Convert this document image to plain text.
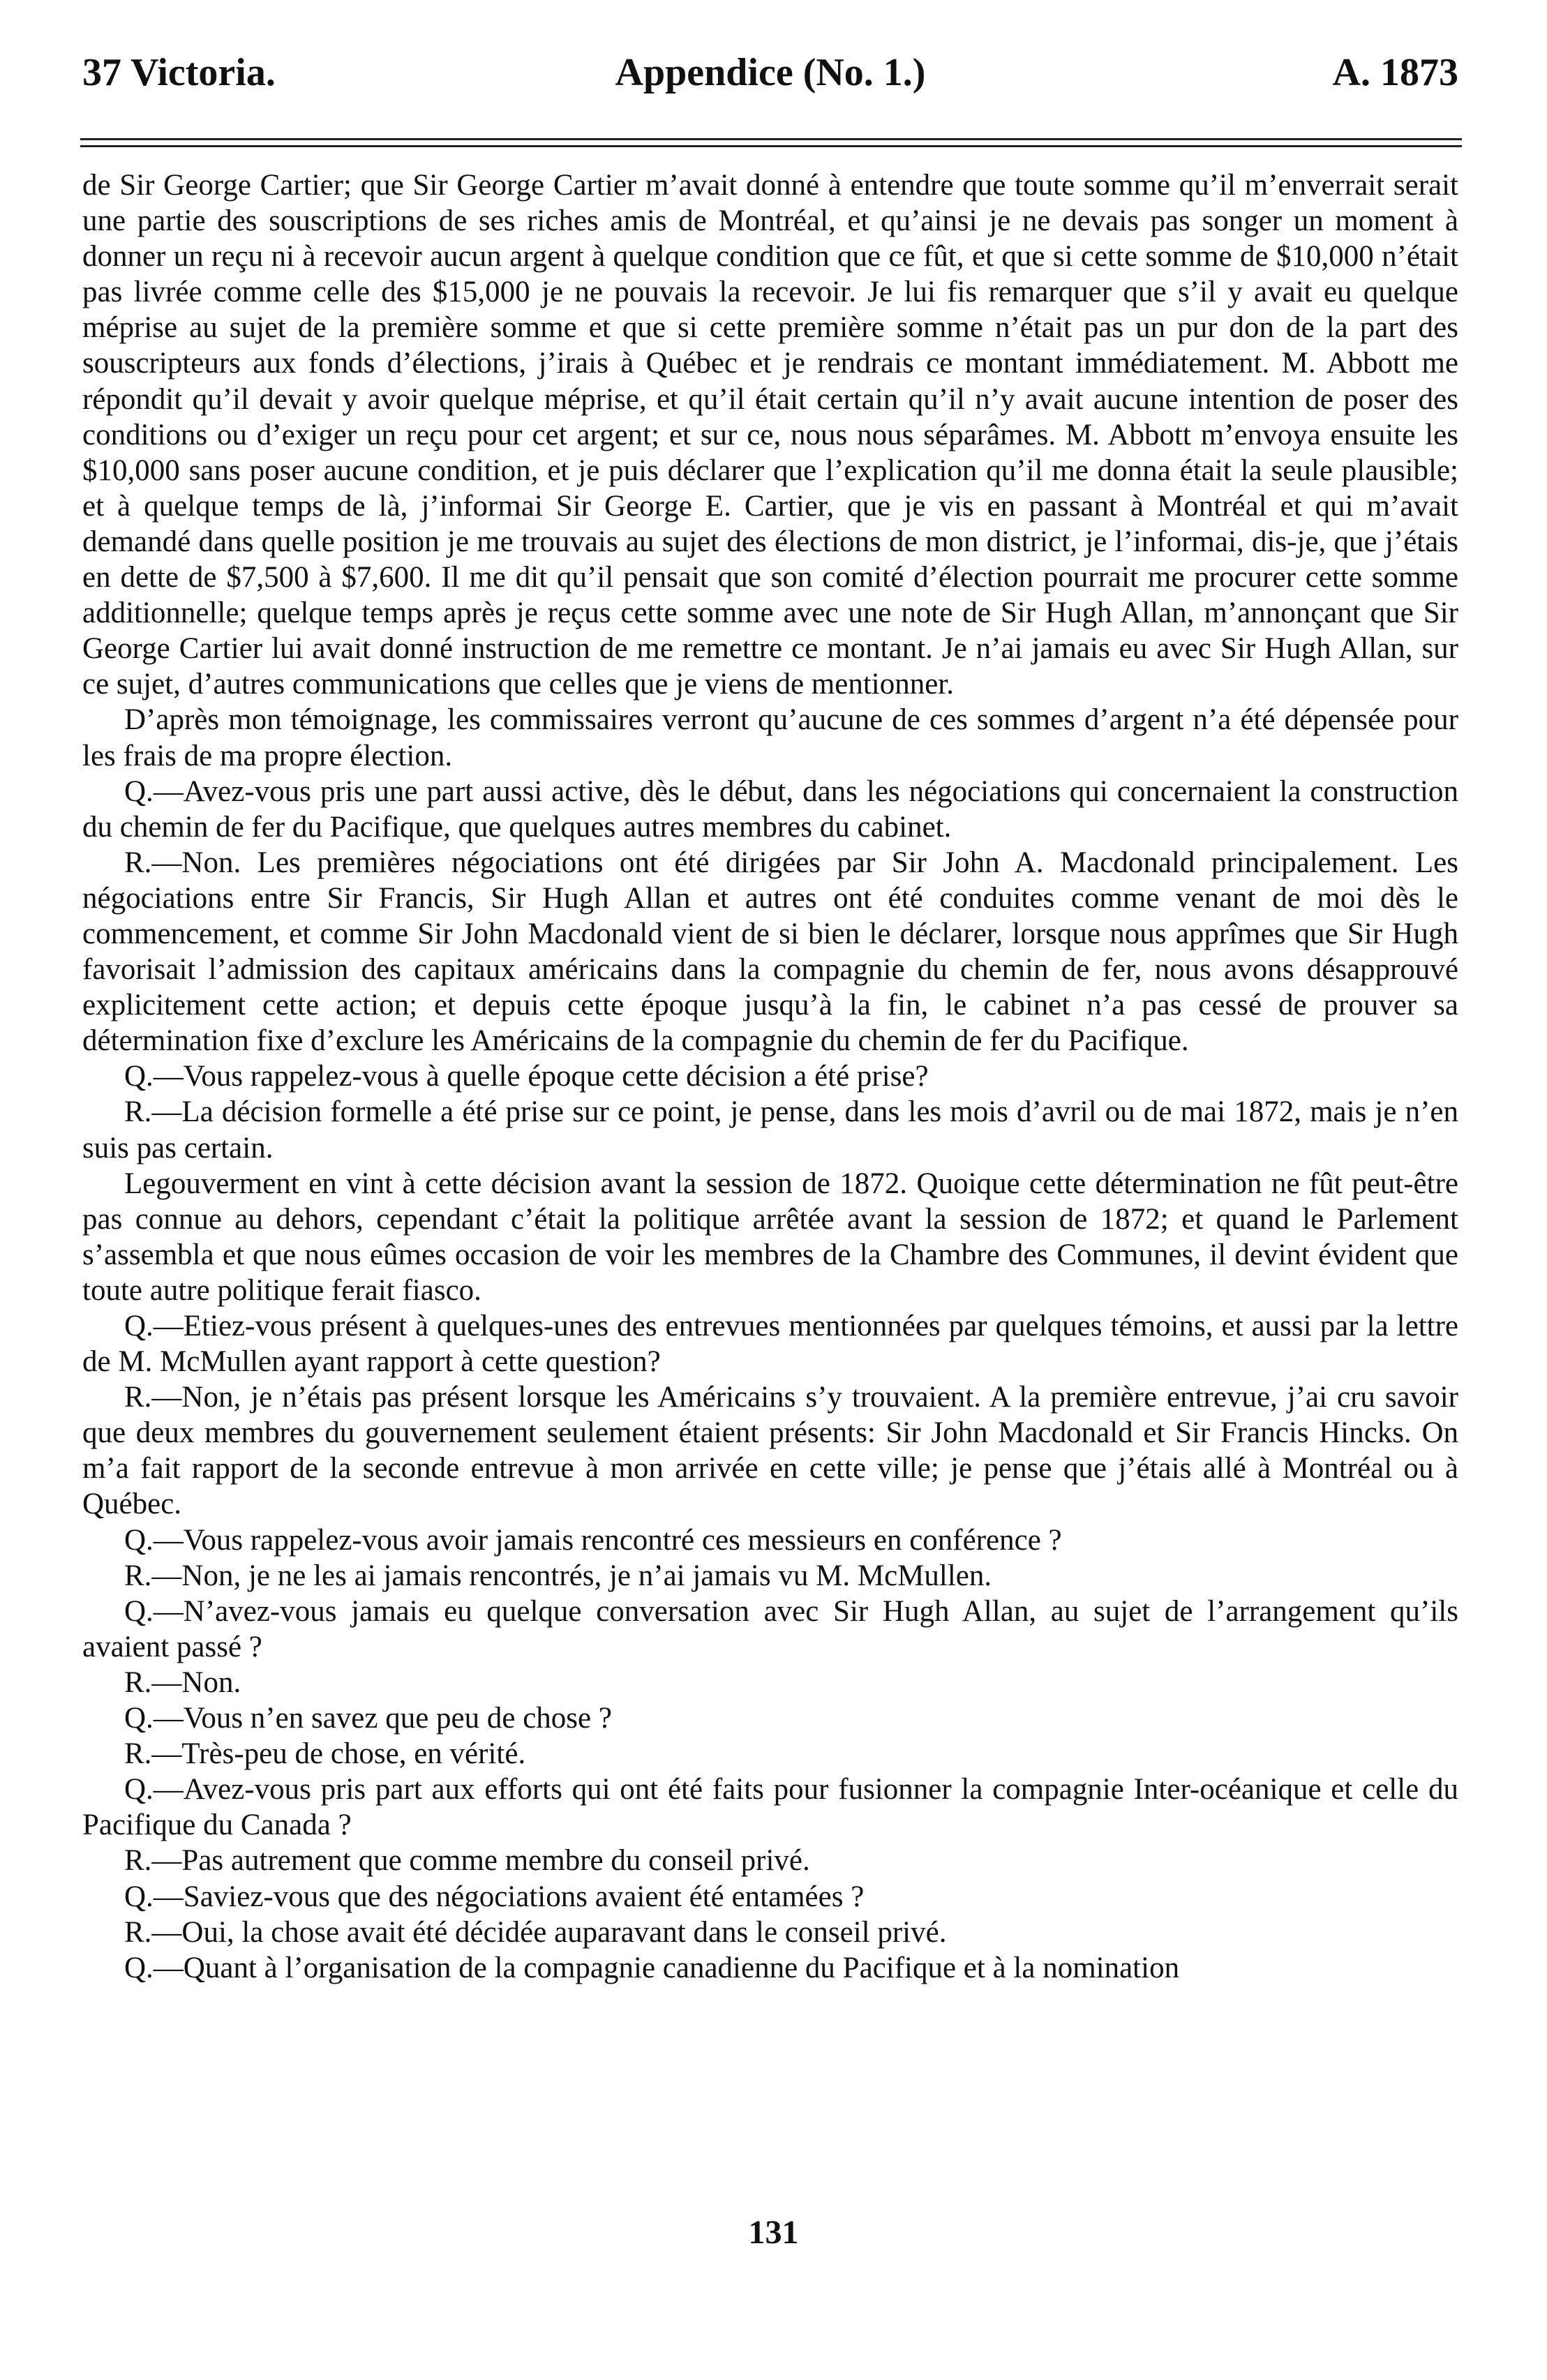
37 Victoria.	Appendice (No. 1.)	A. 1873

de Sir George Cartier; que Sir George Cartier m’avait donné à entendre que toute somme qu’il m’enverrait serait une partie des souscriptions de ses riches amis de Montréal, et qu’ainsi je ne devais pas songer un moment à donner un reçu ni à recevoir aucun argent à quelque condition que ce fût, et que si cette somme de $10,000 n’était pas livrée comme celle des $15,000 je ne pouvais la recevoir. Je lui fis remarquer que s’il y avait eu quelque méprise au sujet de la première somme et que si cette première somme n’était pas un pur don de la part des souscripteurs aux fonds d’élections, j’irais à Québec et je rendrais ce montant immédiatement. M. Abbott me répondit qu’il devait y avoir quelque méprise, et qu’il était certain qu’il n’y avait aucune intention de poser des conditions ou d’exiger un reçu pour cet argent; et sur ce, nous nous séparâmes. M. Abbott m’envoya ensuite les $10,000 sans poser aucune condition, et je puis déclarer que l’explication qu’il me donna était la seule plausible; et à quelque temps de là, j’informai Sir George E. Cartier, que je vis en passant à Montréal et qui m’avait demandé dans quelle position je me trouvais au sujet des élections de mon district, je l’informai, dis-je, que j’étais en dette de $7,500 à $7,600. Il me dit qu’il pensait que son comité d’élection pourrait me procurer cette somme additionnelle; quelque temps après je reçus cette somme avec une note de Sir Hugh Allan, m’annonçant que Sir George Cartier lui avait donné instruction de me remettre ce montant. Je n’ai jamais eu avec Sir Hugh Allan, sur ce sujet, d’autres communications que celles que je viens de mentionner.

D’après mon témoignage, les commissaires verront qu’aucune de ces sommes d’argent n’a été dépensée pour les frais de ma propre élection.

Q.—Avez-vous pris une part aussi active, dès le début, dans les négociations qui concernaient la construction du chemin de fer du Pacifique, que quelques autres membres du cabinet.

R.—Non. Les premières négociations ont été dirigées par Sir John A. Macdonald principalement. Les négociations entre Sir Francis, Sir Hugh Allan et autres ont été conduites comme venant de moi dès le commencement, et comme Sir John Macdonald vient de si bien le déclarer, lorsque nous apprîmes que Sir Hugh favorisait l’admission des capitaux américains dans la compagnie du chemin de fer, nous avons désapprouvé explicitement cette action; et depuis cette époque jusqu’à la fin, le cabinet n’a pas cessé de prouver sa détermination fixe d’exclure les Américains de la compagnie du chemin de fer du Pacifique.

Q.—Vous rappelez-vous à quelle époque cette décision a été prise?

R.—La décision formelle a été prise sur ce point, je pense, dans les mois d’avril ou de mai 1872, mais je n’en suis pas certain.

Legouverment en vint à cette décision avant la session de 1872. Quoique cette détermination ne fût peut-être pas connue au dehors, cependant c’était la politique arrêtée avant la session de 1872; et quand le Parlement s’assembla et que nous eûmes occasion de voir les membres de la Chambre des Communes, il devint évident que toute autre politique ferait fiasco.

Q.—Etiez-vous présent à quelques-unes des entrevues mentionnées par quelques témoins, et aussi par la lettre de M. McMullen ayant rapport à cette question?

R.—Non, je n’étais pas présent lorsque les Américains s’y trouvaient. A la première entrevue, j’ai cru savoir que deux membres du gouvernement seulement étaient présents: Sir John Macdonald et Sir Francis Hincks. On m’a fait rapport de la seconde entrevue à mon arrivée en cette ville; je pense que j’étais allé à Montréal ou à Québec.

Q.—Vous rappelez-vous avoir jamais rencontré ces messieurs en conférence ?

R.—Non, je ne les ai jamais rencontrés, je n’ai jamais vu M. McMullen.

Q.—N’avez-vous jamais eu quelque conversation avec Sir Hugh Allan, au sujet de l’arrangement qu’ils avaient passé ?

R.—Non.

Q.—Vous n’en savez que peu de chose ?

R.—Très-peu de chose, en vérité.

Q.—Avez-vous pris part aux efforts qui ont été faits pour fusionner la compagnie Inter-océanique et celle du Pacifique du Canada ?

R.—Pas autrement que comme membre du conseil privé.

Q.—Saviez-vous que des négociations avaient été entamées ?

R.—Oui, la chose avait été décidée auparavant dans le conseil privé.

Q.—Quant à l’organisation de la compagnie canadienne du Pacifique et à la nomination

131
